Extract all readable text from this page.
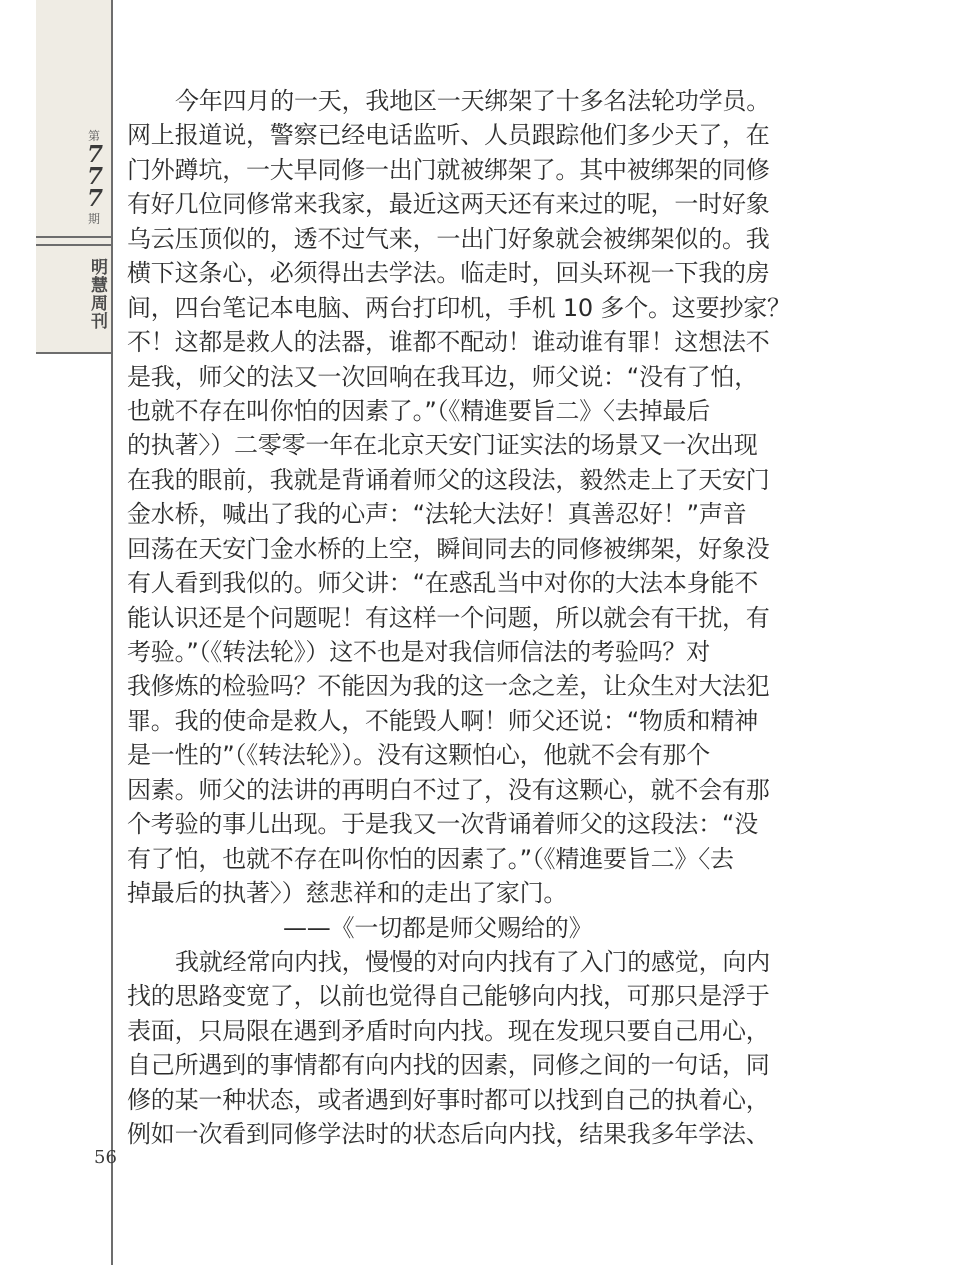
第
7
7
7
期
明慧周刊
56
今年四月的一天，我地区一天绑架了十多名法轮功学员。
网上报道说，警察已经电话监听、人员跟踪他们多少天了，在
门外蹲坑，一大早同修一出门就被绑架了。其中被绑架的同修
有好几位同修常来我家，最近这两天还有来过的呢，一时好象
乌云压顶似的，透不过气来，一出门好象就会被绑架似的。我
横下这条心，必须得出去学法。临走时，回头环视一下我的房
间，四台笔记本电脑、两台打印机，手机 10 多个。这要抄家？
不！这都是救人的法器，谁都不配动！谁动谁有罪！这想法不
是我，师父的法又一次回响在我耳边，师父说：“没有了怕，
也就不存在叫你怕的因素了。”（《精進要旨二》〈去掉最后
的执著〉）二零零一年在北京天安门证实法的场景又一次出现
在我的眼前，我就是背诵着师父的这段法，毅然走上了天安门
金水桥，喊出了我的心声：“法轮大法好！真善忍好！”声音
回荡在天安门金水桥的上空，瞬间同去的同修被绑架，好象没
有人看到我似的。师父讲：“在惑乱当中对你的大法本身能不
能认识还是个问题呢！有这样一个问题，所以就会有干扰，有
考验。”（《转法轮》）这不也是对我信师信法的考验吗？对
我修炼的检验吗？不能因为我的这一念之差，让众生对大法犯
罪。我的使命是救人，不能毁人啊！师父还说：“物质和精神
是一性的”（《转法轮》）。没有这颗怕心，他就不会有那个
因素。师父的法讲的再明白不过了，没有这颗心，就不会有那
个考验的事儿出现。于是我又一次背诵着师父的这段法：“没
有了怕，也就不存在叫你怕的因素了。”（《精進要旨二》〈去
掉最后的执著〉）慈悲祥和的走出了家门。
——《一切都是师父赐给的》
我就经常向内找，慢慢的对向内找有了入门的感觉，向内
找的思路变宽了，以前也觉得自己能够向内找，可那只是浮于
表面，只局限在遇到矛盾时向内找。现在发现只要自己用心，
自己所遇到的事情都有向内找的因素，同修之间的一句话，同
修的某一种状态，或者遇到好事时都可以找到自己的执着心，
例如一次看到同修学法时的状态后向内找，结果我多年学法、
